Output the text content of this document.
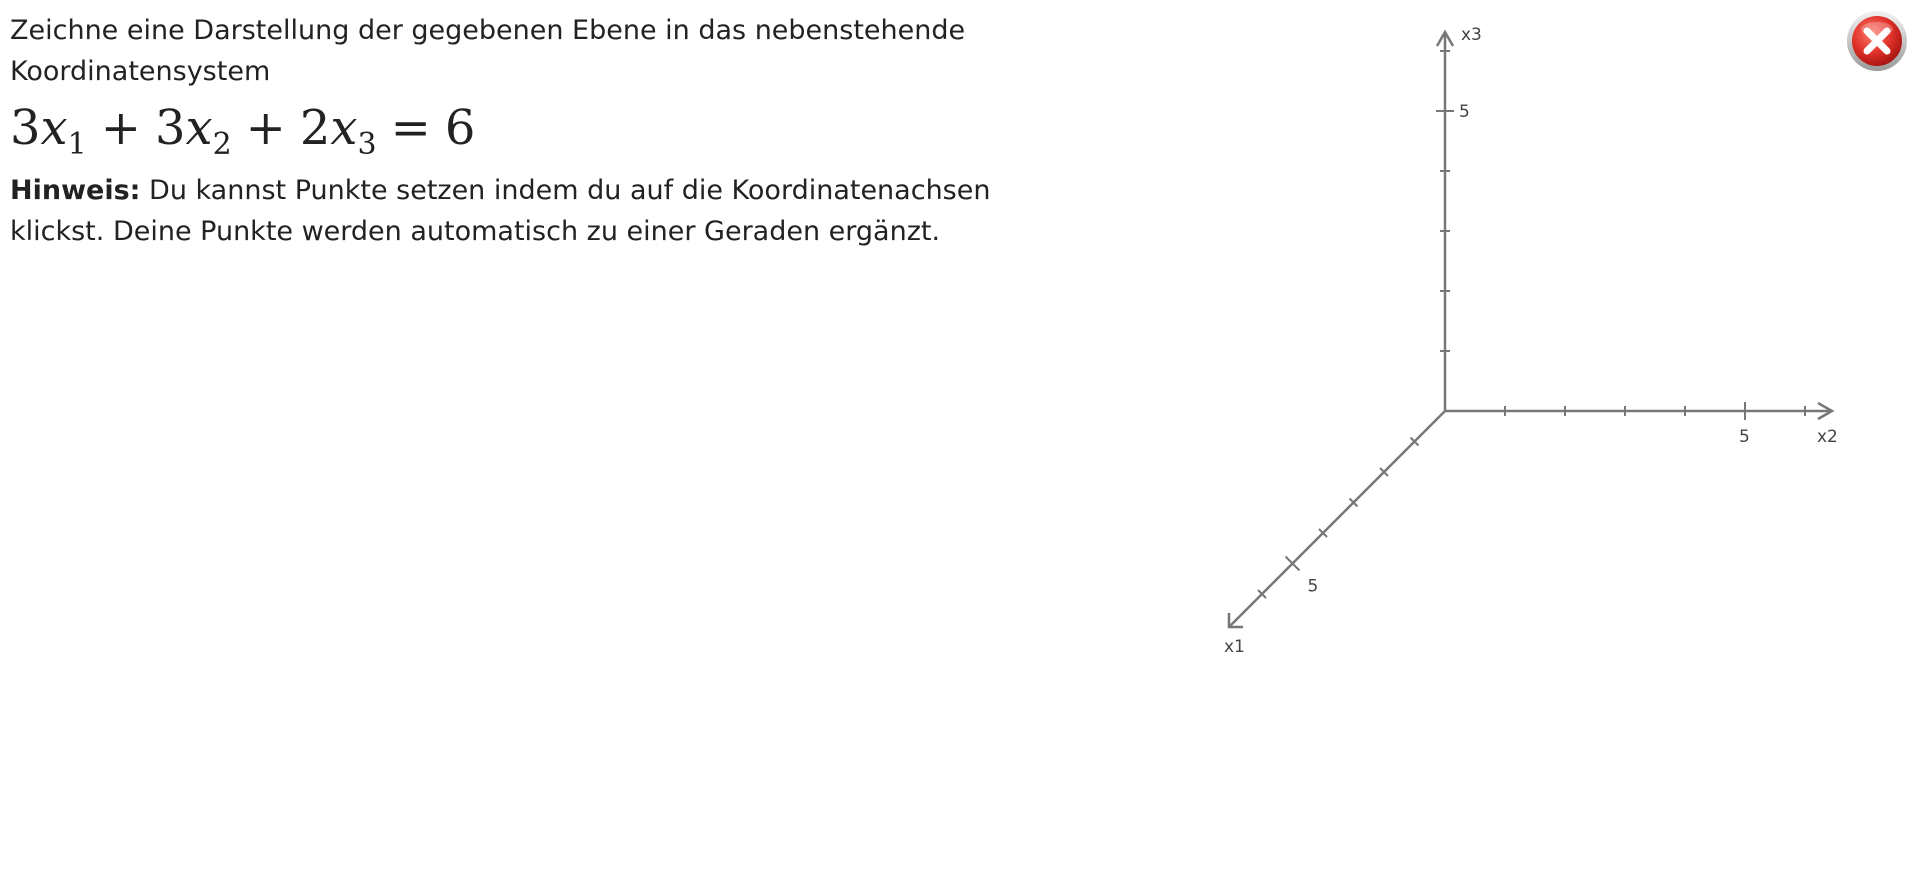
Zeichne eine Darstellung der gegebenen Ebene in das nebenstehende Koordinatensystem

$3x_1 + 3x_2 + 2x_3 = 6$

Hinweis: Du kannst Punkte setzen indem du auf die Koordinatenachsen klickst. Deine Punkte werden automatisch zu einer Geraden ergänzt.

5
x1
5	x2
5
x3
